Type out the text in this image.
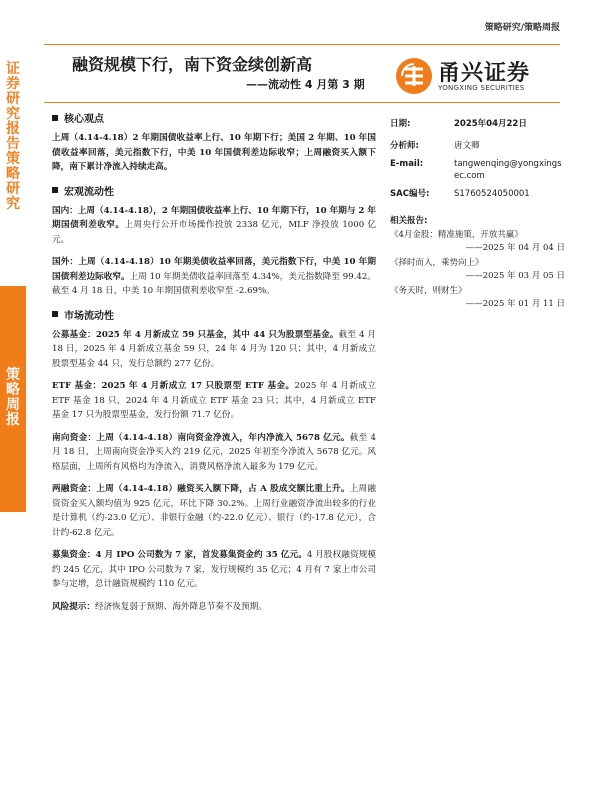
策略研究/策略周报
融资规模下行，南下资金续创新高
——流动性 4 月第 3 期	甬兴证券
YONGXING SECURITIES
证券研究报告 策略研究
策略周报
核心观点

上周（4.14-4.18）2 年期国债收益率上行、10 年期下行；美国 2 年期、10 年国债收益率回落，美元指数下行，中美 10 年国债利差边际收窄；上周融资买入额下降，南下累计净流入持续走高。

宏观流动性

国内：上周（4.14-4.18），2 年期国债收益率上行、10 年期下行，10 年期与 2 年期国债利差收窄。上周央行公开市场操作投放 2338 亿元，MLF 净投放 1000 亿元。

国外：上周（4.14-4.18）10 年期美债收益率回落，美元指数下行，中美 10 年期国债利差边际收窄。上周 10 年期美债收益率回落至 4.34%，美元指数降至 99.42。截至 4 月 18 日，中美 10 年期国债利差收窄至 -2.69%。

市场流动性

公募基金：2025 年 4 月新成立 59 只基金，其中 44 只为股票型基金。截至 4 月 18 日，2025 年 4 月新成立基金 59 只，24 年 4 月为 120 只；其中，4 月新成立股票型基金 44 只，发行总额约 277 亿份。

ETF 基金：2025 年 4 月新成立 17 只股票型 ETF 基金。2025 年 4 月新成立 ETF 基金 18 只，2024 年 4 月新成立 ETF 基金 23 只；其中，4 月新成立 ETF 基金 17 只为股票型基金，发行份额 71.7 亿份。

南向资金：上周（4.14-4.18）南向资金净流入，年内净流入 5678 亿元。截至 4 月 18 日，上周南向资金净买入约 219 亿元，2025 年初至今净流入 5678 亿元。风格层面，上周所有风格均为净流入，消费风格净流入最多为 179 亿元。

两融资金：上周（4.14-4.18）融资买入额下降，占 A 股成交额比重上升。上周融资资金买入额均值为 925 亿元，环比下降 30.2%。上周行业融资净流出较多的行业是计算机（约-23.0 亿元）、非银行金融（约-22.0 亿元）、银行（约-17.8 亿元），合计约-62.8 亿元。

募集资金：4 月 IPO 公司数为 7 家，首发募集资金约 35 亿元。4 月股权融资规模约 245 亿元，其中 IPO 公司数为 7 家，发行规模约 35 亿元；4 月有 7 家上市公司参与定增，总计融资规模约 110 亿元。

风险提示：经济恢复弱于预期、海外降息节奏不及预期。

日期:	2025年04月22日
分析师:	唐文卿
E-mail:	tangwenqing@yongxingsec.com
SAC编号:	S1760524050001
相关报告:
《4月金股：精准施策，开放共赢》
——2025 年 04 月 04 日
《择时而入，乘势向上》
——2025 年 03 月 05 日
《务天时，则财生》
——2025 年 01 月 11 日
